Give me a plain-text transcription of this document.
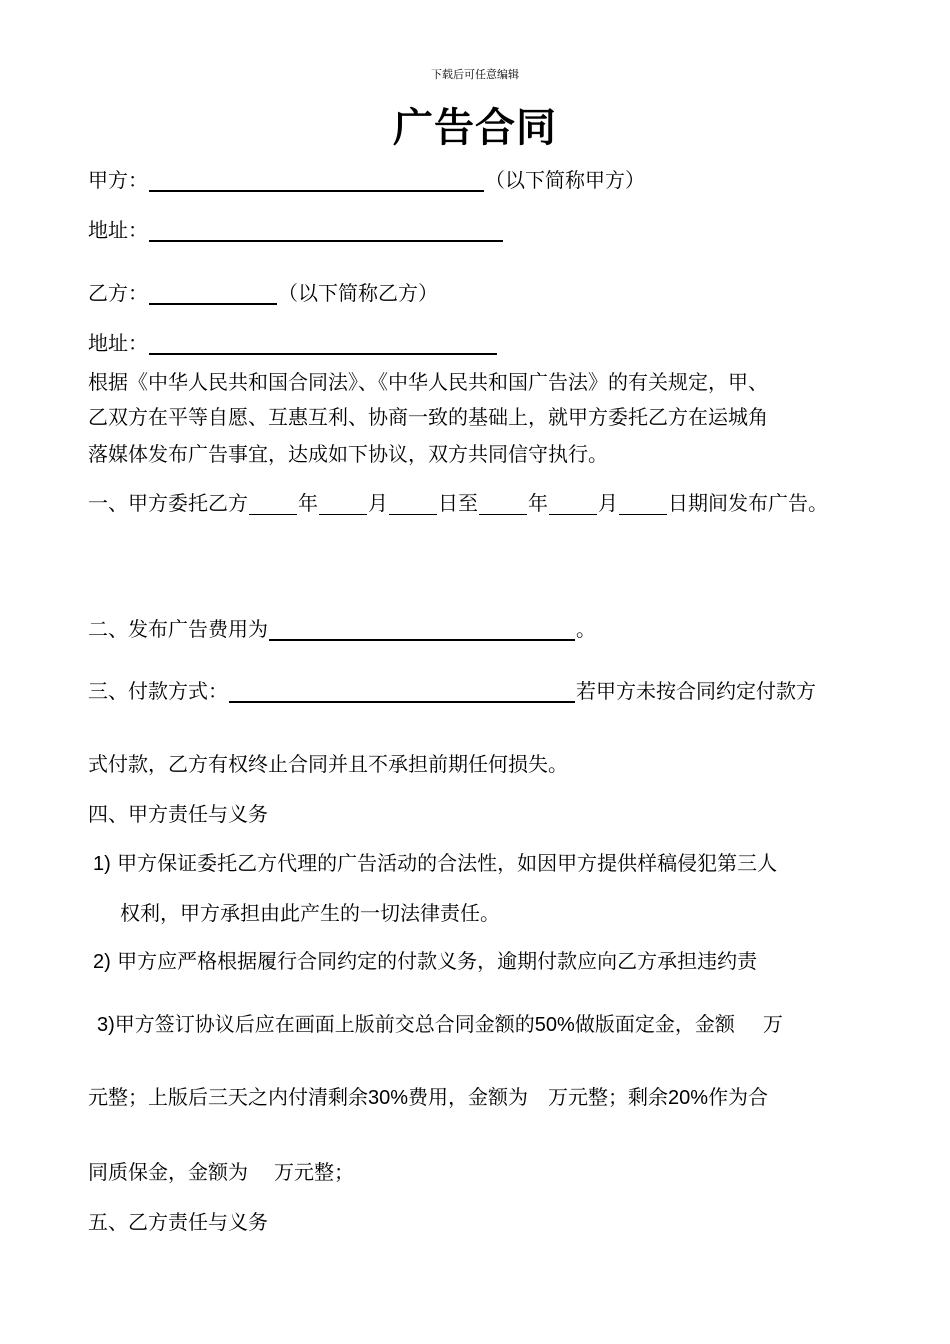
下载后可任意编辑
广告合同
甲方：	（以下简称甲方）
地址：
乙方：	（以下简称乙方）
地址：
根据《中华人民共和国合同法》、《中华人民共和国广告法》的有关规定，甲、
乙双方在平等自愿、互惠互利、协商一致的基础上，就甲方委托乙方在运城角
落媒体发布广告事宜，达成如下协议，双方共同信守执行。
一、甲方委托乙方	年	月	日至	年	月	日期间发布广告。
二、发布广告费用为	。
三、付款方式：	若甲方未按合同约定付款方
式付款，乙方有权终止合同并且不承担前期任何损失。
四、甲方责任与义务
1) 甲方保证委托乙方代理的广告活动的合法性，如因甲方提供样稿侵犯第三人
权利，甲方承担由此产生的一切法律责任。
2) 甲方应严格根据履行合同约定的付款义务，逾期付款应向乙方承担违约责
3)甲方签订协议后应在画面上版前交总合同金额的50%做版面定金，金额 万
元整；上版后三天之内付清剩余30%费用，金额为 万元整；剩余20%作为合
同质保金，金额为 万元整；
五、乙方责任与义务
